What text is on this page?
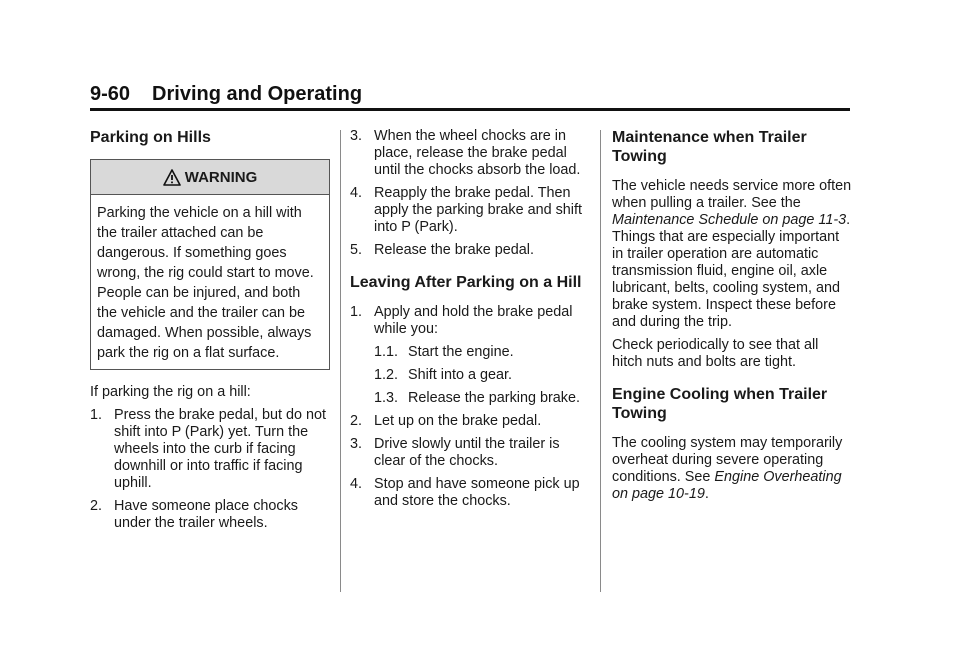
9-60 Driving and Operating
Parking on Hills
WARNING
Parking the vehicle on a hill with the trailer attached can be dangerous. If something goes wrong, the rig could start to move. People can be injured, and both the vehicle and the trailer can be damaged. When possible, always park the rig on a flat surface.

If parking the rig on a hill:

1. Press the brake pedal, but do not shift into P (Park) yet. Turn the wheels into the curb if facing downhill or into traffic if facing uphill.
2. Have someone place chocks under the trailer wheels.
3. When the wheel chocks are in place, release the brake pedal until the chocks absorb the load.
4. Reapply the brake pedal. Then apply the parking brake and shift into P (Park).
5. Release the brake pedal.
Leaving After Parking on a Hill
1. Apply and hold the brake pedal while you:
1.1. Start the engine.
1.2. Shift into a gear.
1.3. Release the parking brake.
2. Let up on the brake pedal.
3. Drive slowly until the trailer is clear of the chocks.
4. Stop and have someone pick up and store the chocks.
Maintenance when Trailer Towing

The vehicle needs service more often when pulling a trailer. See the Maintenance Schedule on page 11-3. Things that are especially important in trailer operation are automatic transmission fluid, engine oil, axle lubricant, belts, cooling system, and brake system. Inspect these before and during the trip.

Check periodically to see that all hitch nuts and bolts are tight.

Engine Cooling when Trailer Towing

The cooling system may temporarily overheat during severe operating conditions. See Engine Overheating on page 10-19.
